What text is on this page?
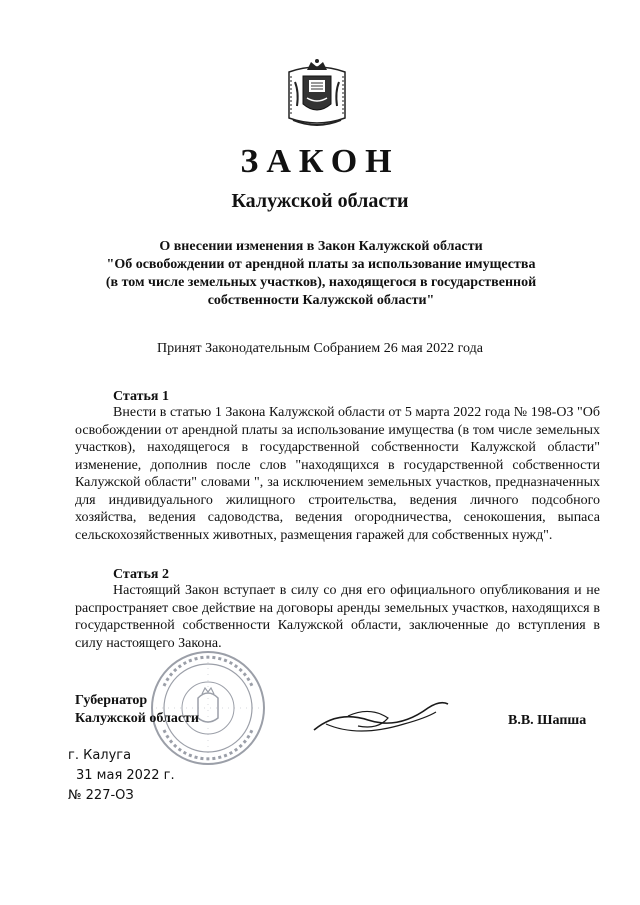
ЗАКОН
Калужской области
О внесении изменения в Закон Калужской области
"Об освобождении от арендной платы за использование имущества
(в том числе земельных участков), находящегося в государственной
собственности Калужской области"
Принят Законодательным Собранием 26 мая 2022 года
Статья 1
Внести в статью 1 Закона Калужской области от 5 марта 2022 года № 198-ОЗ "Об освобождении от арендной платы за использование имущества (в том числе земельных участков), находящегося в государственной собственности Калужской области" изменение, дополнив после слов "находящихся в государственной собственности Калужской области" словами ", за исключением земельных участков, предназначенных для индивидуального жилищного строительства, ведения личного подсобного хозяйства, ведения садоводства, ведения огородничества, сенокошения, выпаса сельскохозяйственных животных, размещения гаражей для собственных нужд".
Статья 2
Настоящий Закон вступает в силу со дня его официального опубликования и не распространяет свое действие на договоры аренды земельных участков, находящихся в государственной собственности Калужской области, заключенные до вступления в силу настоящего Закона.
Губернатор
Калужской области	В.В. Шапша
г. Калуга
31 мая 2022 г.
№ 227-ОЗ
